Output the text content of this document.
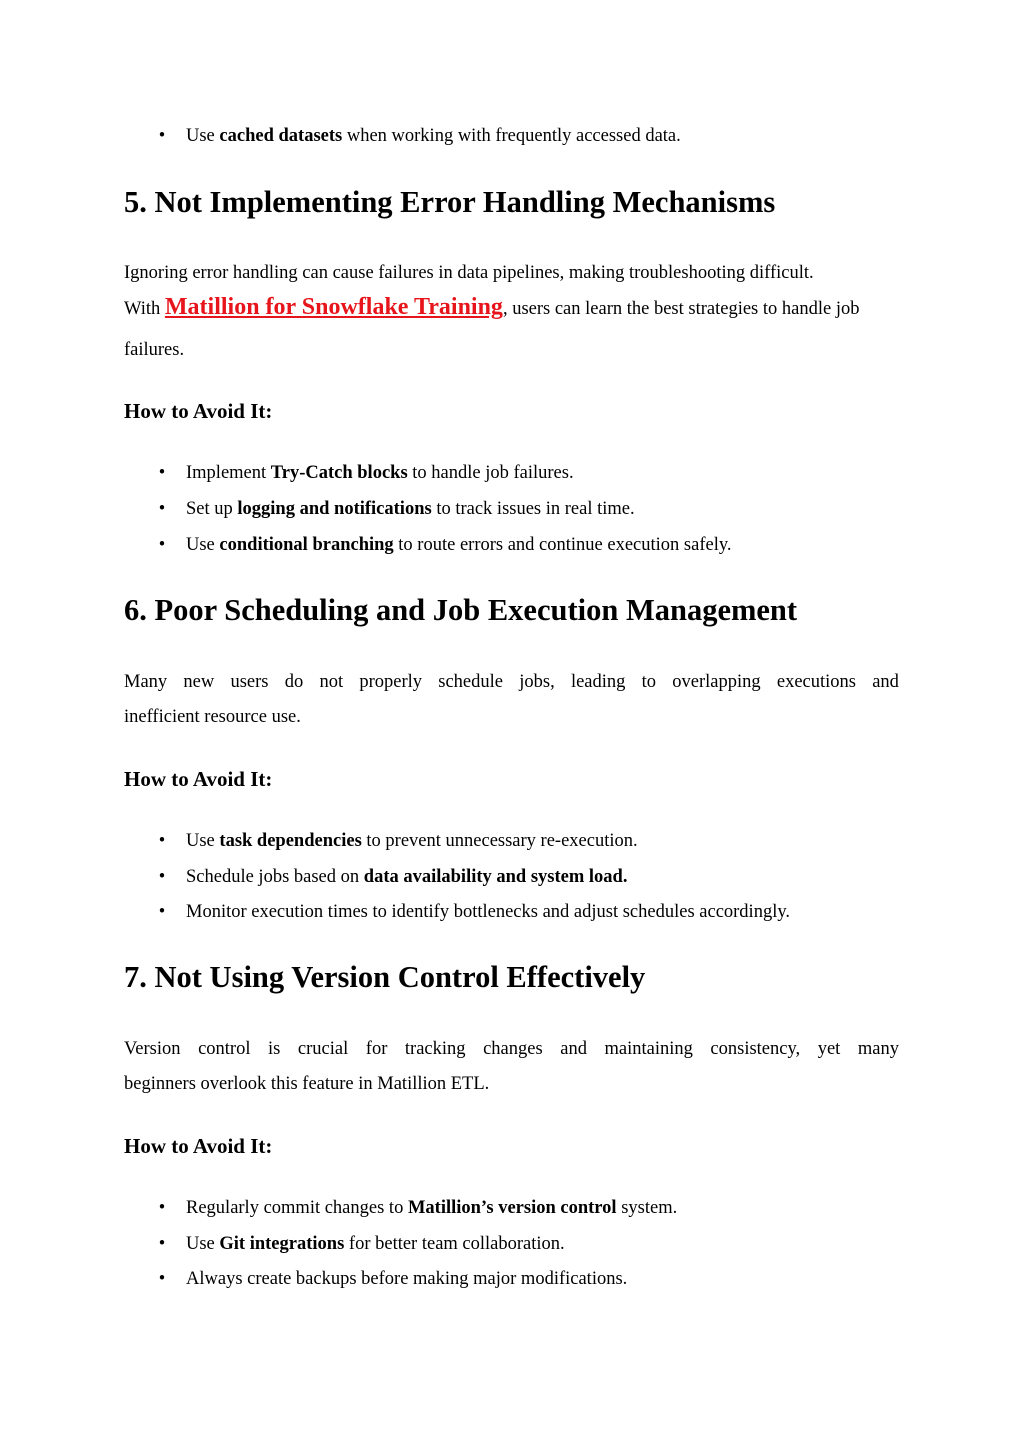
• Use cached datasets when working with frequently accessed data.
5. Not Implementing Error Handling Mechanisms
Ignoring error handling can cause failures in data pipelines, making troubleshooting difficult.
With Matillion for Snowflake Training, users can learn the best strategies to handle job
failures.
How to Avoid It:
• Implement Try-Catch blocks to handle job failures.
• Set up logging and notifications to track issues in real time.
• Use conditional branching to route errors and continue execution safely.
6. Poor Scheduling and Job Execution Management
Many new users do not properly schedule jobs, leading to overlapping executions and
inefficient resource use.
How to Avoid It:
• Use task dependencies to prevent unnecessary re-execution.
• Schedule jobs based on data availability and system load.
• Monitor execution times to identify bottlenecks and adjust schedules accordingly.
7. Not Using Version Control Effectively
Version control is crucial for tracking changes and maintaining consistency, yet many
beginners overlook this feature in Matillion ETL.
How to Avoid It:
• Regularly commit changes to Matillion’s version control system.
• Use Git integrations for better team collaboration.
• Always create backups before making major modifications.
